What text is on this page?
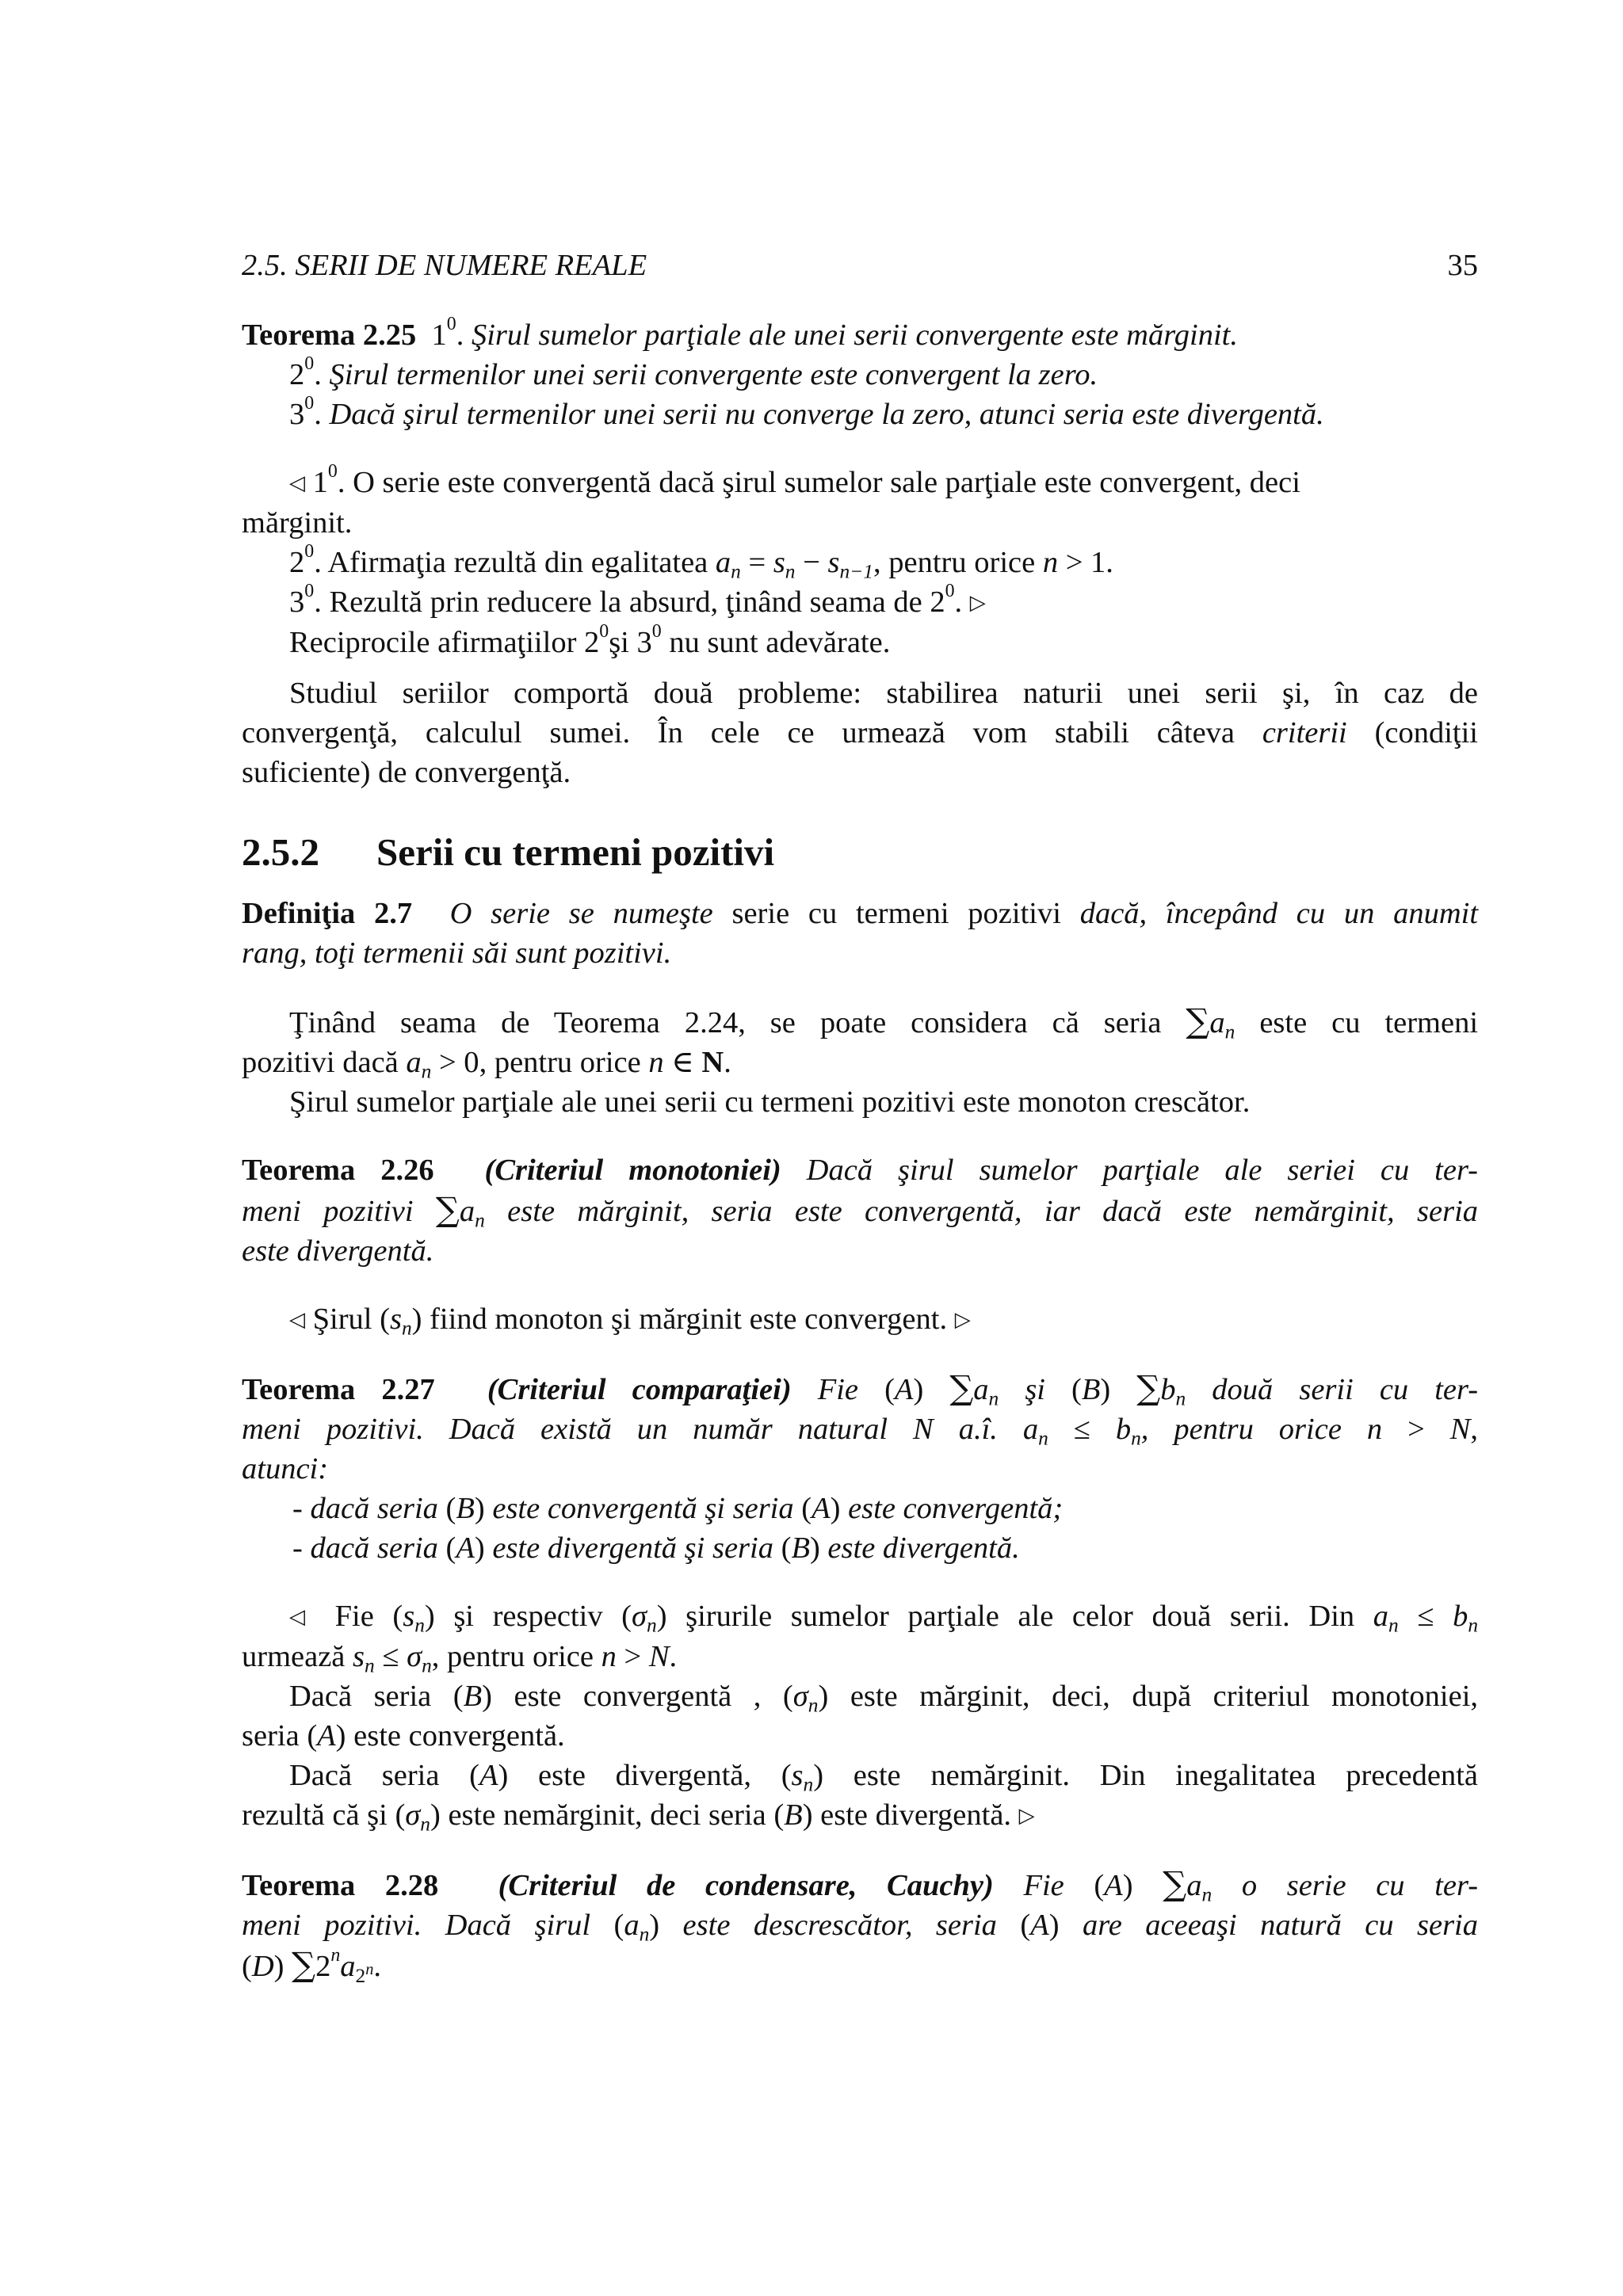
2.5. SERII DE NUMERE REALE	35
Teorema 2.25  $1^0$. Şirul sumelor parţiale ale unei serii convergente este mărginit.
$2^0$. Şirul termenilor unei serii convergente este convergent la zero.
$3^0$. Dacă şirul termenilor unei serii nu converge la zero, atunci seria este divergentă.
◁ $1^0$. O serie este convergentă dacă şirul sumelor sale parţiale este convergent, deci
mărginit.
$2^0$. Afirmaţia rezultă din egalitatea $a_n = s_n - s_{n-1}$, pentru orice n > 1.
$3^0$. Rezultă prin reducere la absurd, ţinând seama de $2^0$. ▷
Reciprocile afirmaţiilor $2^0şi$ $3^0$ nu sunt adevărate.
Studiul seriilor comportă două probleme: stabilirea naturii unei serii şi, în caz de
convergenţă, calculul sumei. În cele ce urmează vom stabili câteva criterii (condiţii
suficiente) de convergenţă.
2.5.2 Serii cu termeni pozitivi
Definiţia 2.7 O serie se numeşte serie cu termeni pozitivi dacă, începând cu un anumit
rang, toţi termenii săi sunt pozitivi.
Ţinând seama de Teorema 2.24, se poate considera că seria $\sum a_n$ este cu termeni
pozitivi dacă $a_n > 0$, pentru orice n ∈ N.
Şirul sumelor parţiale ale unei serii cu termeni pozitivi este monoton crescător.
Teorema 2.26 (Criteriul monotoniei) Dacă şirul sumelor parţiale ale seriei cu ter-
meni pozitivi $\sum a_n$ este mărginit, seria este convergentă, iar dacă este nemărginit, seria
este divergentă.
◁ Şirul $(s_n)$ fiind monoton şi mărginit este convergent. ▷
Teorema 2.27 (Criteriul comparaţiei) Fie (A) $\sum a_n$ şi (B) $\sum b_n$ două serii cu ter-
meni pozitivi. Dacă există un număr natural N a.î. $a_n \le b_n$, pentru orice n > N,
atunci:
- dacă seria (B) este convergentă şi seria (A) este convergentă;
- dacă seria (A) este divergentă şi seria (B) este divergentă.
◁ Fie $(s_n)$ şi respectiv $(\sigma_n)$ şirurile sumelor parţiale ale celor două serii. Din $a_n \le b_n$
urmează $s_n \le \sigma_n$, pentru orice n > N.
Dacă seria (B) este convergentă , $(\sigma_n)$ este mărginit, deci, după criteriul monotoniei,
seria (A) este convergentă.
Dacă seria (A) este divergentă, $(s_n)$ este nemărginit. Din inegalitatea precedentă
rezultă că şi $(\sigma_n)$ este nemărginit, deci seria (B) este divergentă. ▷
Teorema 2.28 (Criteriul de condensare, Cauchy) Fie (A) $\sum a_n$ o serie cu ter-
meni pozitivi. Dacă şirul $(a_n)$ este descrescător, seria (A) are aceeaşi natură cu seria
(D) $\sum 2^na_{2^n}$.
